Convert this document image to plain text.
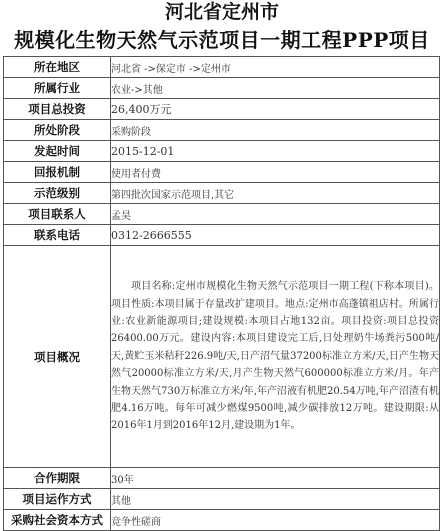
河北省定州市
规模化生物天然气示范项目一期工程PPP项目
所在地区	河北省 ->保定市 ->定州市
所属行业	农业->其他
项目总投资	26,400万元
所处阶段	采购阶段
发起时间	2015-12-01
回报机制	使用者付费
示范级别	第四批次国家示范项目,其它
项目联系人	孟昊
联系电话	0312-2666555
项目概况	项目名称:定州市规模化生物天然气示范项目一期工程(下称本项目)。项目性质:本项目属于存量改扩建项目。地点:定州市高蓬镇祖店村。所属行业:农业新能源项目;建设规模:本项目占地132亩。项目投资:项目总投资26400.00万元。建设内容:本项目建设完工后,日处理奶牛场粪污500吨/天,黄贮玉米秸秆226.9吨/天,日产沼气量37200标准立方米/天,日产生物天然气20000标准立方米/天,月产生物天然气600000标准立方米/月。年产生物天然气730万标准立方米/年,年产沼液有机肥20.54万吨,年产沼渣有机肥4.16万吨。每年可减少燃煤9500吨,减少碳排放12万吨。建设期限:从2016年1月到2016年12月,建设期为1年。
合作期限	30年
项目运作方式	其他
采购社会资本方式	竞争性磋商
